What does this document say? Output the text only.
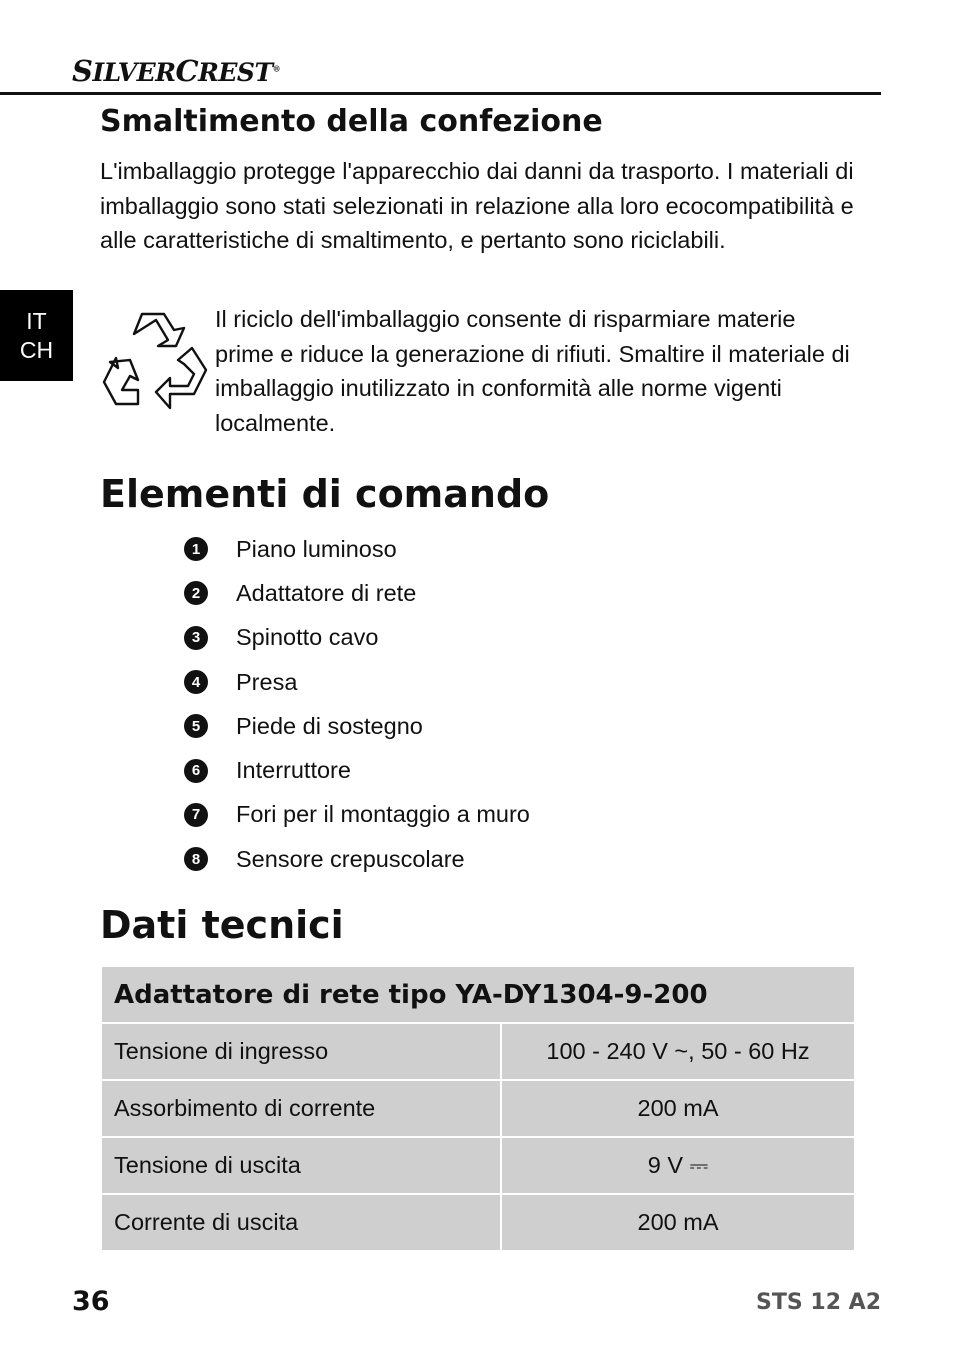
SILVERCREST®
IT
CH
Smaltimento della confezione

L'imballaggio protegge l'apparecchio dai danni da trasporto. I materiali di imballaggio sono stati selezionati in relazione alla loro ecocompatibilità e alle caratteristiche di smaltimento, e pertanto sono riciclabili.

Il riciclo dell'imballaggio consente di risparmiare materie prime e riduce la generazione di rifiuti. Smaltire il materiale di imballaggio inutilizzato in conformità alle norme vigenti localmente.

Elementi di comando
1	Piano luminoso
2	Adattatore di rete
3	Spinotto cavo
4	Presa
5	Piede di sostegno
6	Interruttore
7	Fori per il montaggio a muro
8	Sensore crepuscolare
Dati tecnici
Adattatore di rete tipo YA-DY1304-9-200	
Tensione di ingresso	100 - 240 V ~, 50 - 60 Hz
Assorbimento di corrente	200 mA
Tensione di uscita	9 V ⎓
Corrente di uscita	200 mA
36	STS 12 A2
